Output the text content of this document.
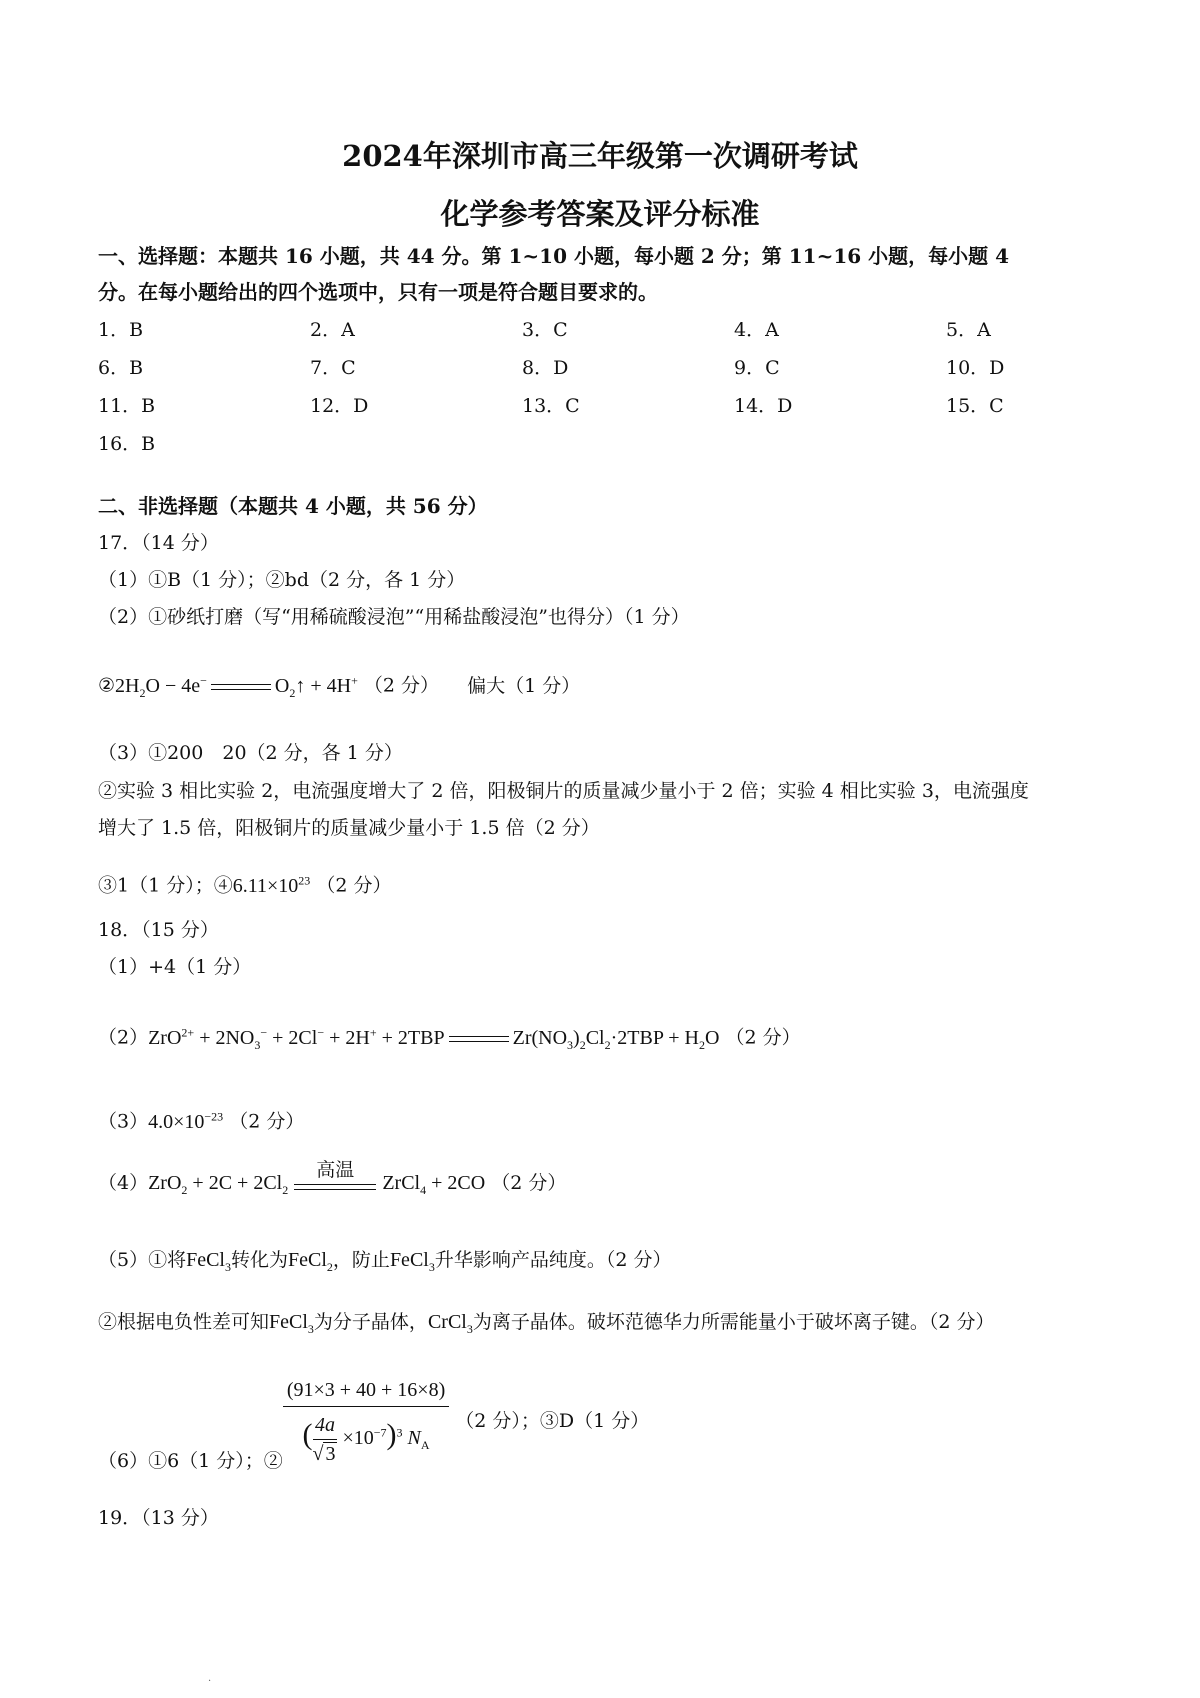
2024年深圳市高三年级第一次调研考试
化学参考答案及评分标准
一、选择题：本题共 16 小题，共 44 分。第 1~10 小题，每小题 2 分；第 11~16 小题，每小题 4
分。在每小题给出的四个选项中，只有一项是符合题目要求的。
1．B	2．A	3．C	4．A	5．A
6．B	7．C	8．D	9．C	10．D
11．B	12．D	13．C	14．D	15．C
16．B
二、非选择题（本题共 4 小题，共 56 分）
17．（14 分）
（1）①B（1 分）；②bd（2 分，各 1 分）
（2）①砂纸打磨（写“用稀硫酸浸泡”“用稀盐酸浸泡”也得分）（1 分）
$②2H_2O - 4e^-$	$O_2↑ + 4H^+$ （2 分） 偏大（1 分）
（3）①200　20（2 分，各 1 分）
②实验 3 相比实验 2，电流强度增大了 2 倍，阳极铜片的质量减少量小于 2 倍；实验 4 相比实验 3，电流强度
增大了 1.5 倍，阳极铜片的质量减少量小于 1.5 倍（2 分）
③1（1 分）；$④6.11\times 10^{23}$ （2 分）
18．（15 分）
（1）+4（1 分）
$(2)ZrO^{2+} + 2NO_3^- + 2Cl^- + 2H^+ + 2TBP$	$Zr(NO_3)_2Cl_2\cdot 2TBP + H_2O$ （2 分）
$(3)4.0\times 10^{-23}$ （2 分）
$(4)ZrO_2 + 2C + 2Cl_2$
高温
ZrCl$_4$ + 2CO （2 分）
（5）①将FeCl$_3$转化为FeCl$_2$，防止FeCl$_3$升华影响产品纯度。（2 分）
②根据电负性差可知FeCl$_3$为分子晶体，CrCl$_3$为离子晶体。破坏范德华力所需能量小于破坏离子键。（2 分）
（6）①6（1 分）；② $\frac{(91\times 3 + 40 + 16\times 8)}{( \frac{4a}{√ 3} \times 10^{-7})^3 N_A} (2$ 分）；③D（1 分）
19．（13 分）
·
